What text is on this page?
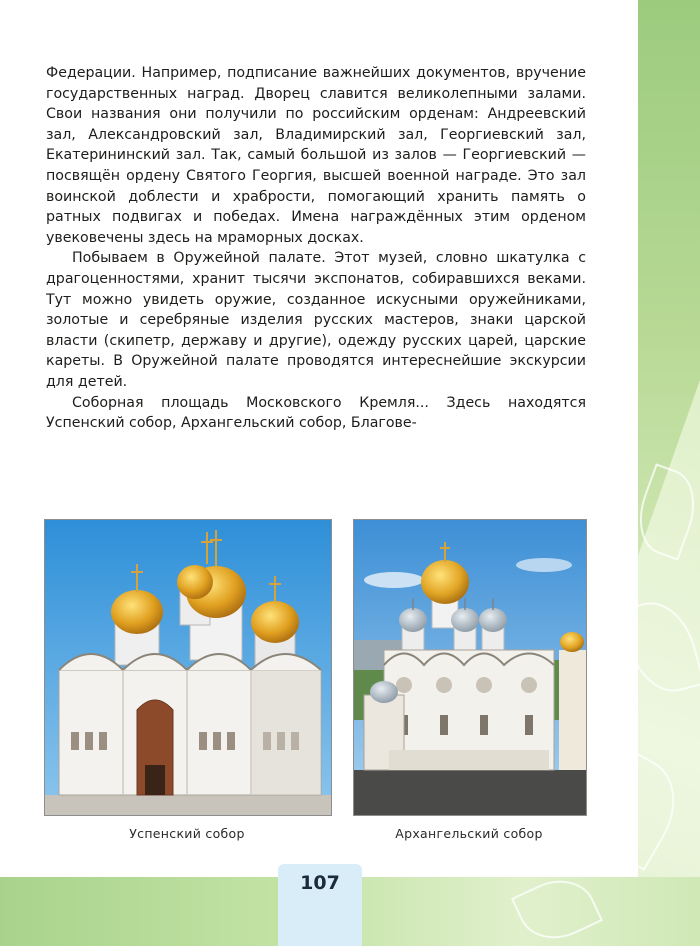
Федерации. Например, подписание важнейших документов, вручение государственных наград. Дворец славится великолепными залами. Свои названия они получили по российским орденам: Андреевский зал, Александровский зал, Владимирский зал, Георгиевский зал, Екатерининский зал. Так, самый большой из залов — Георгиевский — посвящён ордену Святого Георгия, высшей военной награде. Это зал воинской доблести и храбрости, помогающий хранить память о ратных подвигах и победах. Имена награждённых этим орденом увековечены здесь на мраморных досках.

Побываем в Оружейной палате. Этот музей, словно шкатулка с драгоценностями, хранит тысячи экспонатов, собиравшихся веками. Тут можно увидеть оружие, созданное искусными оружейниками, золотые и серебряные изделия русских мастеров, знаки царской власти (скипетр, державу и другие), одежду русских царей, царские кареты. В Оружейной палате проводятся интереснейшие экскурсии для детей.

Соборная площадь Московского Кремля... Здесь находятся Успенский собор, Архангельский собор, Благове-

Успенский собор	Архангельский собор
107
